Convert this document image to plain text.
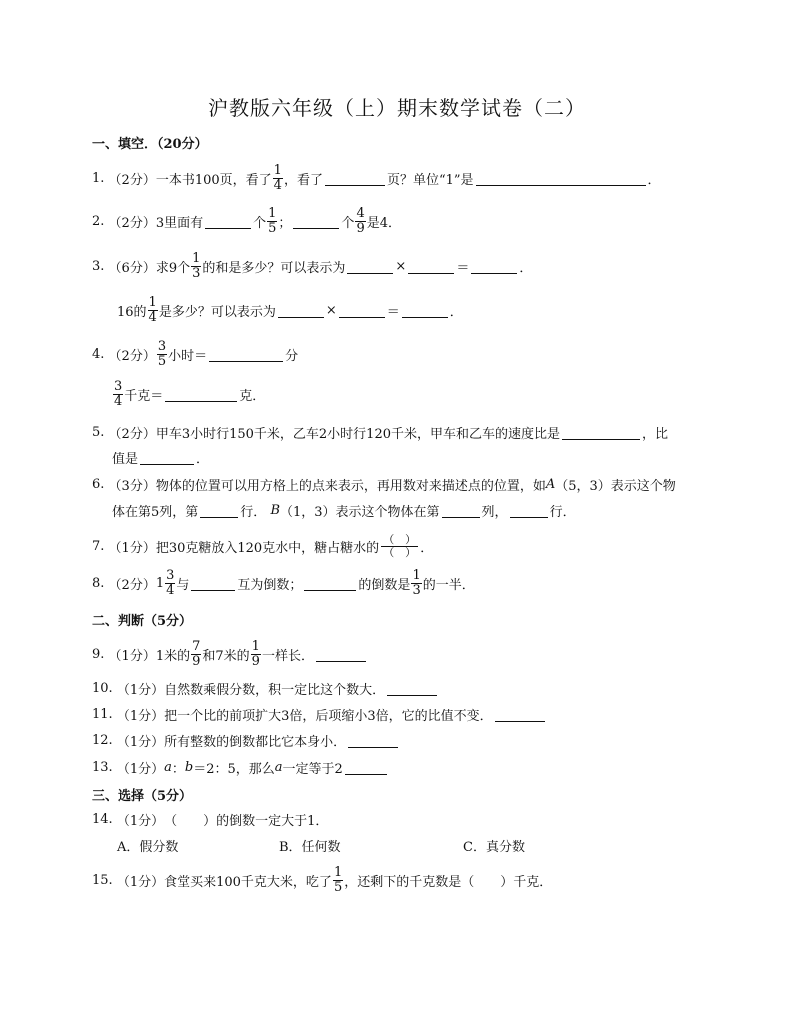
沪教版六年级（上）期末数学试卷（二）
一、填空．（20分）
1.
（2分） 一本书100页，看了 $\frac{1}{4}$ ，看了	页？单位“1”是	．
2.
（2分） 3里面有	个 $\frac{1}{5}$ ；	个 $\frac{4}{9}$ 是4．
3.
（6分） 求9个 $\frac{1}{3}$ 的和是多少？可以表示为	×	＝	．
16的 $\frac{1}{4}$ 是多少？可以表示为	×	＝	．
4.
（2分） $\frac{3}{5}$ 小时＝	分
$\frac{3}{4}$ 千克＝	克．
5.
（2分） 甲车3小时行150千米，乙车2小时行120千米，甲车和乙车的速度比是	，比
值是	．
6.
（3分） 物体的位置可以用方格上的点来表示，再用数对来描述点的位置，如 A （5，3）表示这个物
体在第5列，第	行．
B （1，3）表示这个物体在第	列，	行．
7.
（1分） 把30克糖放入120克水中，糖占糖水的 $\frac{( )}{( )}$ ．
8.
（2分） $1 \frac{3}{4}$ 与	互为倒数；	的倒数是 $\frac{1}{3}$ 的一半．
二、判断（5分）
9.
（1分） 1米的 $\frac{7}{9}$ 和7米的 $\frac{1}{9}$ 一样长．
10.
（1分） 自然数乘假分数，积一定比这个数大．
11.
（1分） 把一个比的前项扩大3倍，后项缩小3倍，它的比值不变．
12.
（1分） 所有整数的倒数都比它本身小．
13.
（1分） a ： b ＝2：5，那么 a 一定等于2
三、选择（5分）
14.
（1分） （　　）的倒数一定大于1．
A．假分数	B．任何数	C．真分数
15.
（1分） 食堂买来100千克大米，吃了 $\frac{1}{5}$ ，还剩下的千克数是（　　）千克．
